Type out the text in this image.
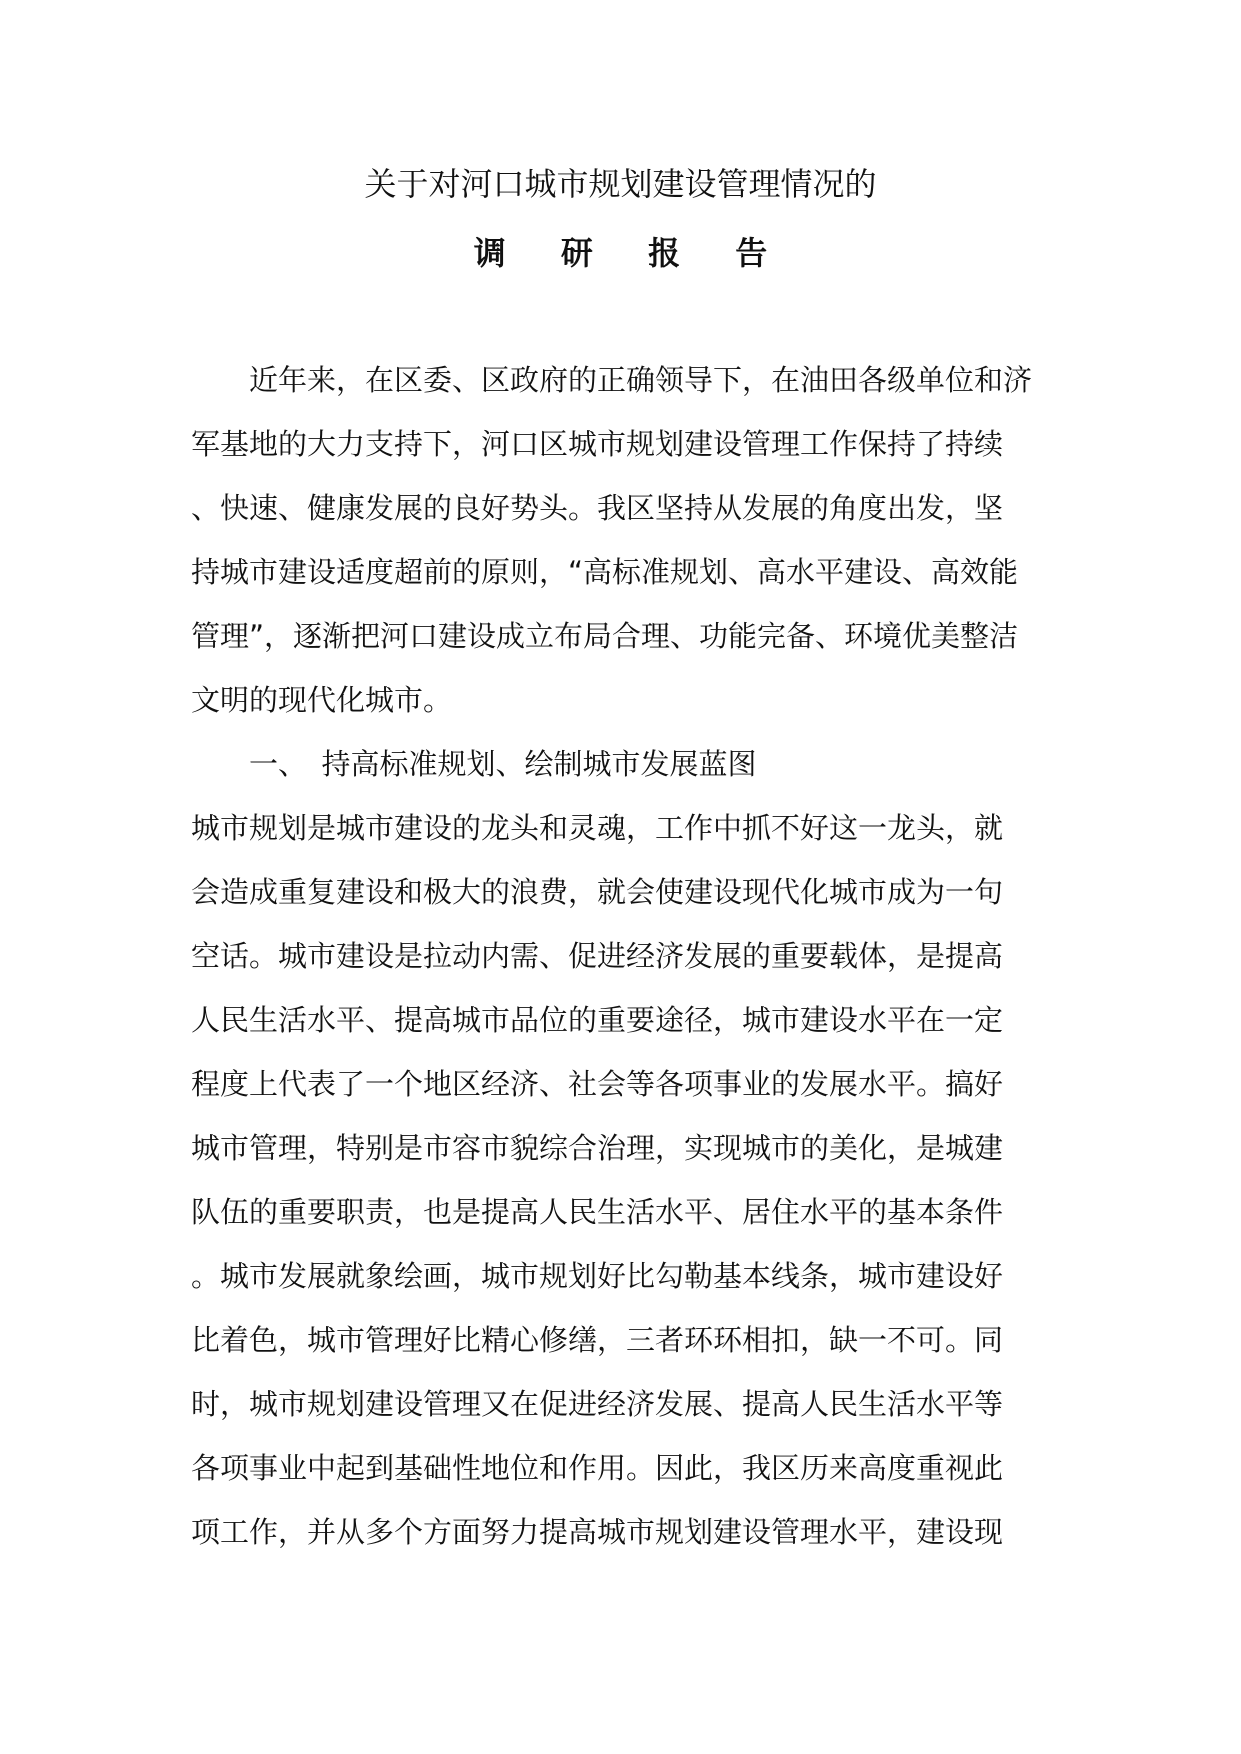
关于对河口城市规划建设管理情况的
调 研 报 告
　　近年来，在区委、区政府的正确领导下，在油田各级单位和济
军基地的大力支持下，河口区城市规划建设管理工作保持了持续
、快速、健康发展的良好势头。我区坚持从发展的角度出发，坚
持城市建设适度超前的原则，“高标准规划、高水平建设、高效能
管理”，逐渐把河口建设成立布局合理、功能完备、环境优美整洁
文明的现代化城市。
　　一、　持高标准规划、绘制城市发展蓝图
城市规划是城市建设的龙头和灵魂，工作中抓不好这一龙头，就
会造成重复建设和极大的浪费，就会使建设现代化城市成为一句
空话。城市建设是拉动内需、促进经济发展的重要载体，是提高
人民生活水平、提高城市品位的重要途径，城市建设水平在一定
程度上代表了一个地区经济、社会等各项事业的发展水平。搞好
城市管理，特别是市容市貌综合治理，实现城市的美化，是城建
队伍的重要职责，也是提高人民生活水平、居住水平的基本条件
。城市发展就象绘画，城市规划好比勾勒基本线条，城市建设好
比着色，城市管理好比精心修缮，三者环环相扣，缺一不可。同
时，城市规划建设管理又在促进经济发展、提高人民生活水平等
各项事业中起到基础性地位和作用。因此，我区历来高度重视此
项工作，并从多个方面努力提高城市规划建设管理水平，建设现
